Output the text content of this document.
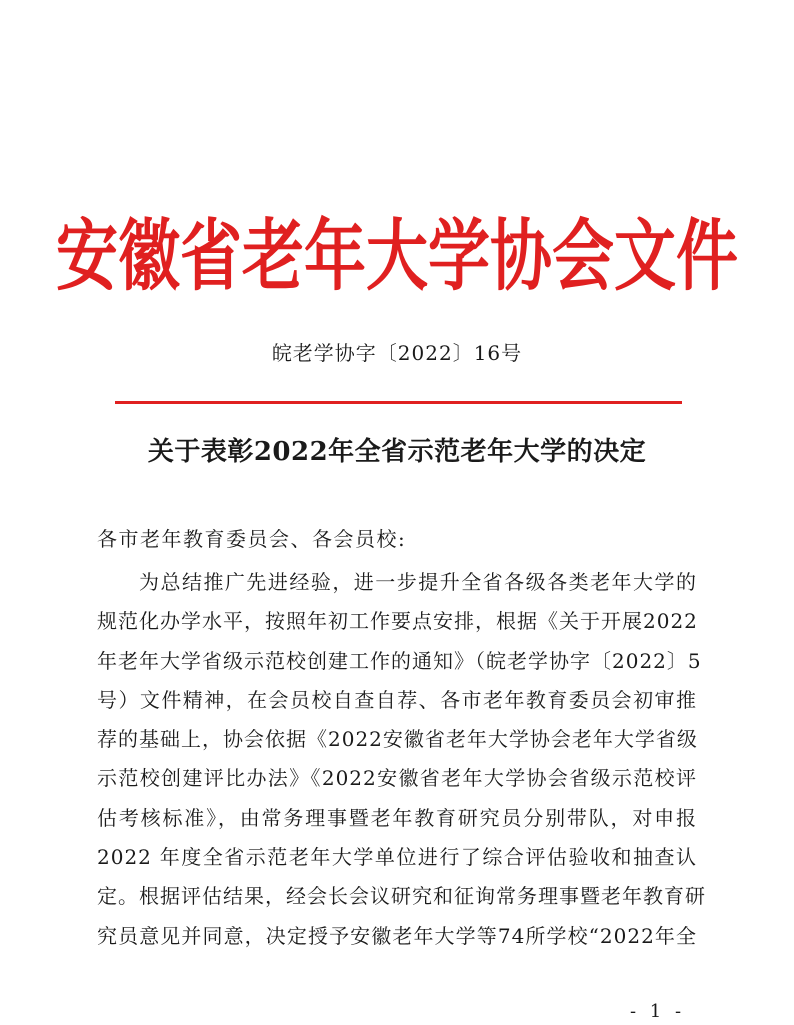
安徽省老年大学协会文件
皖老学协字〔2022〕16号
关于表彰2022年全省示范老年大学的决定
各市老年教育委员会、各会员校:
为总结推广先进经验，进一步提升全省各级各类老年大学的
规范化办学水平，按照年初工作要点安排，根据《关于开展2022
年老年大学省级示范校创建工作的通知》（皖老学协字〔2022〕5
号）文件精神，在会员校自查自荐、各市老年教育委员会初审推
荐的基础上，协会依据《2022安徽省老年大学协会老年大学省级
示范校创建评比办法》《2022安徽省老年大学协会省级示范校评
估考核标准》，由常务理事暨老年教育研究员分别带队，对申报
2022 年度全省示范老年大学单位进行了综合评估验收和抽查认
定。根据评估结果，经会长会议研究和征询常务理事暨老年教育研
究员意见并同意，决定授予安徽老年大学等74所学校“2022年全
- 1 -
